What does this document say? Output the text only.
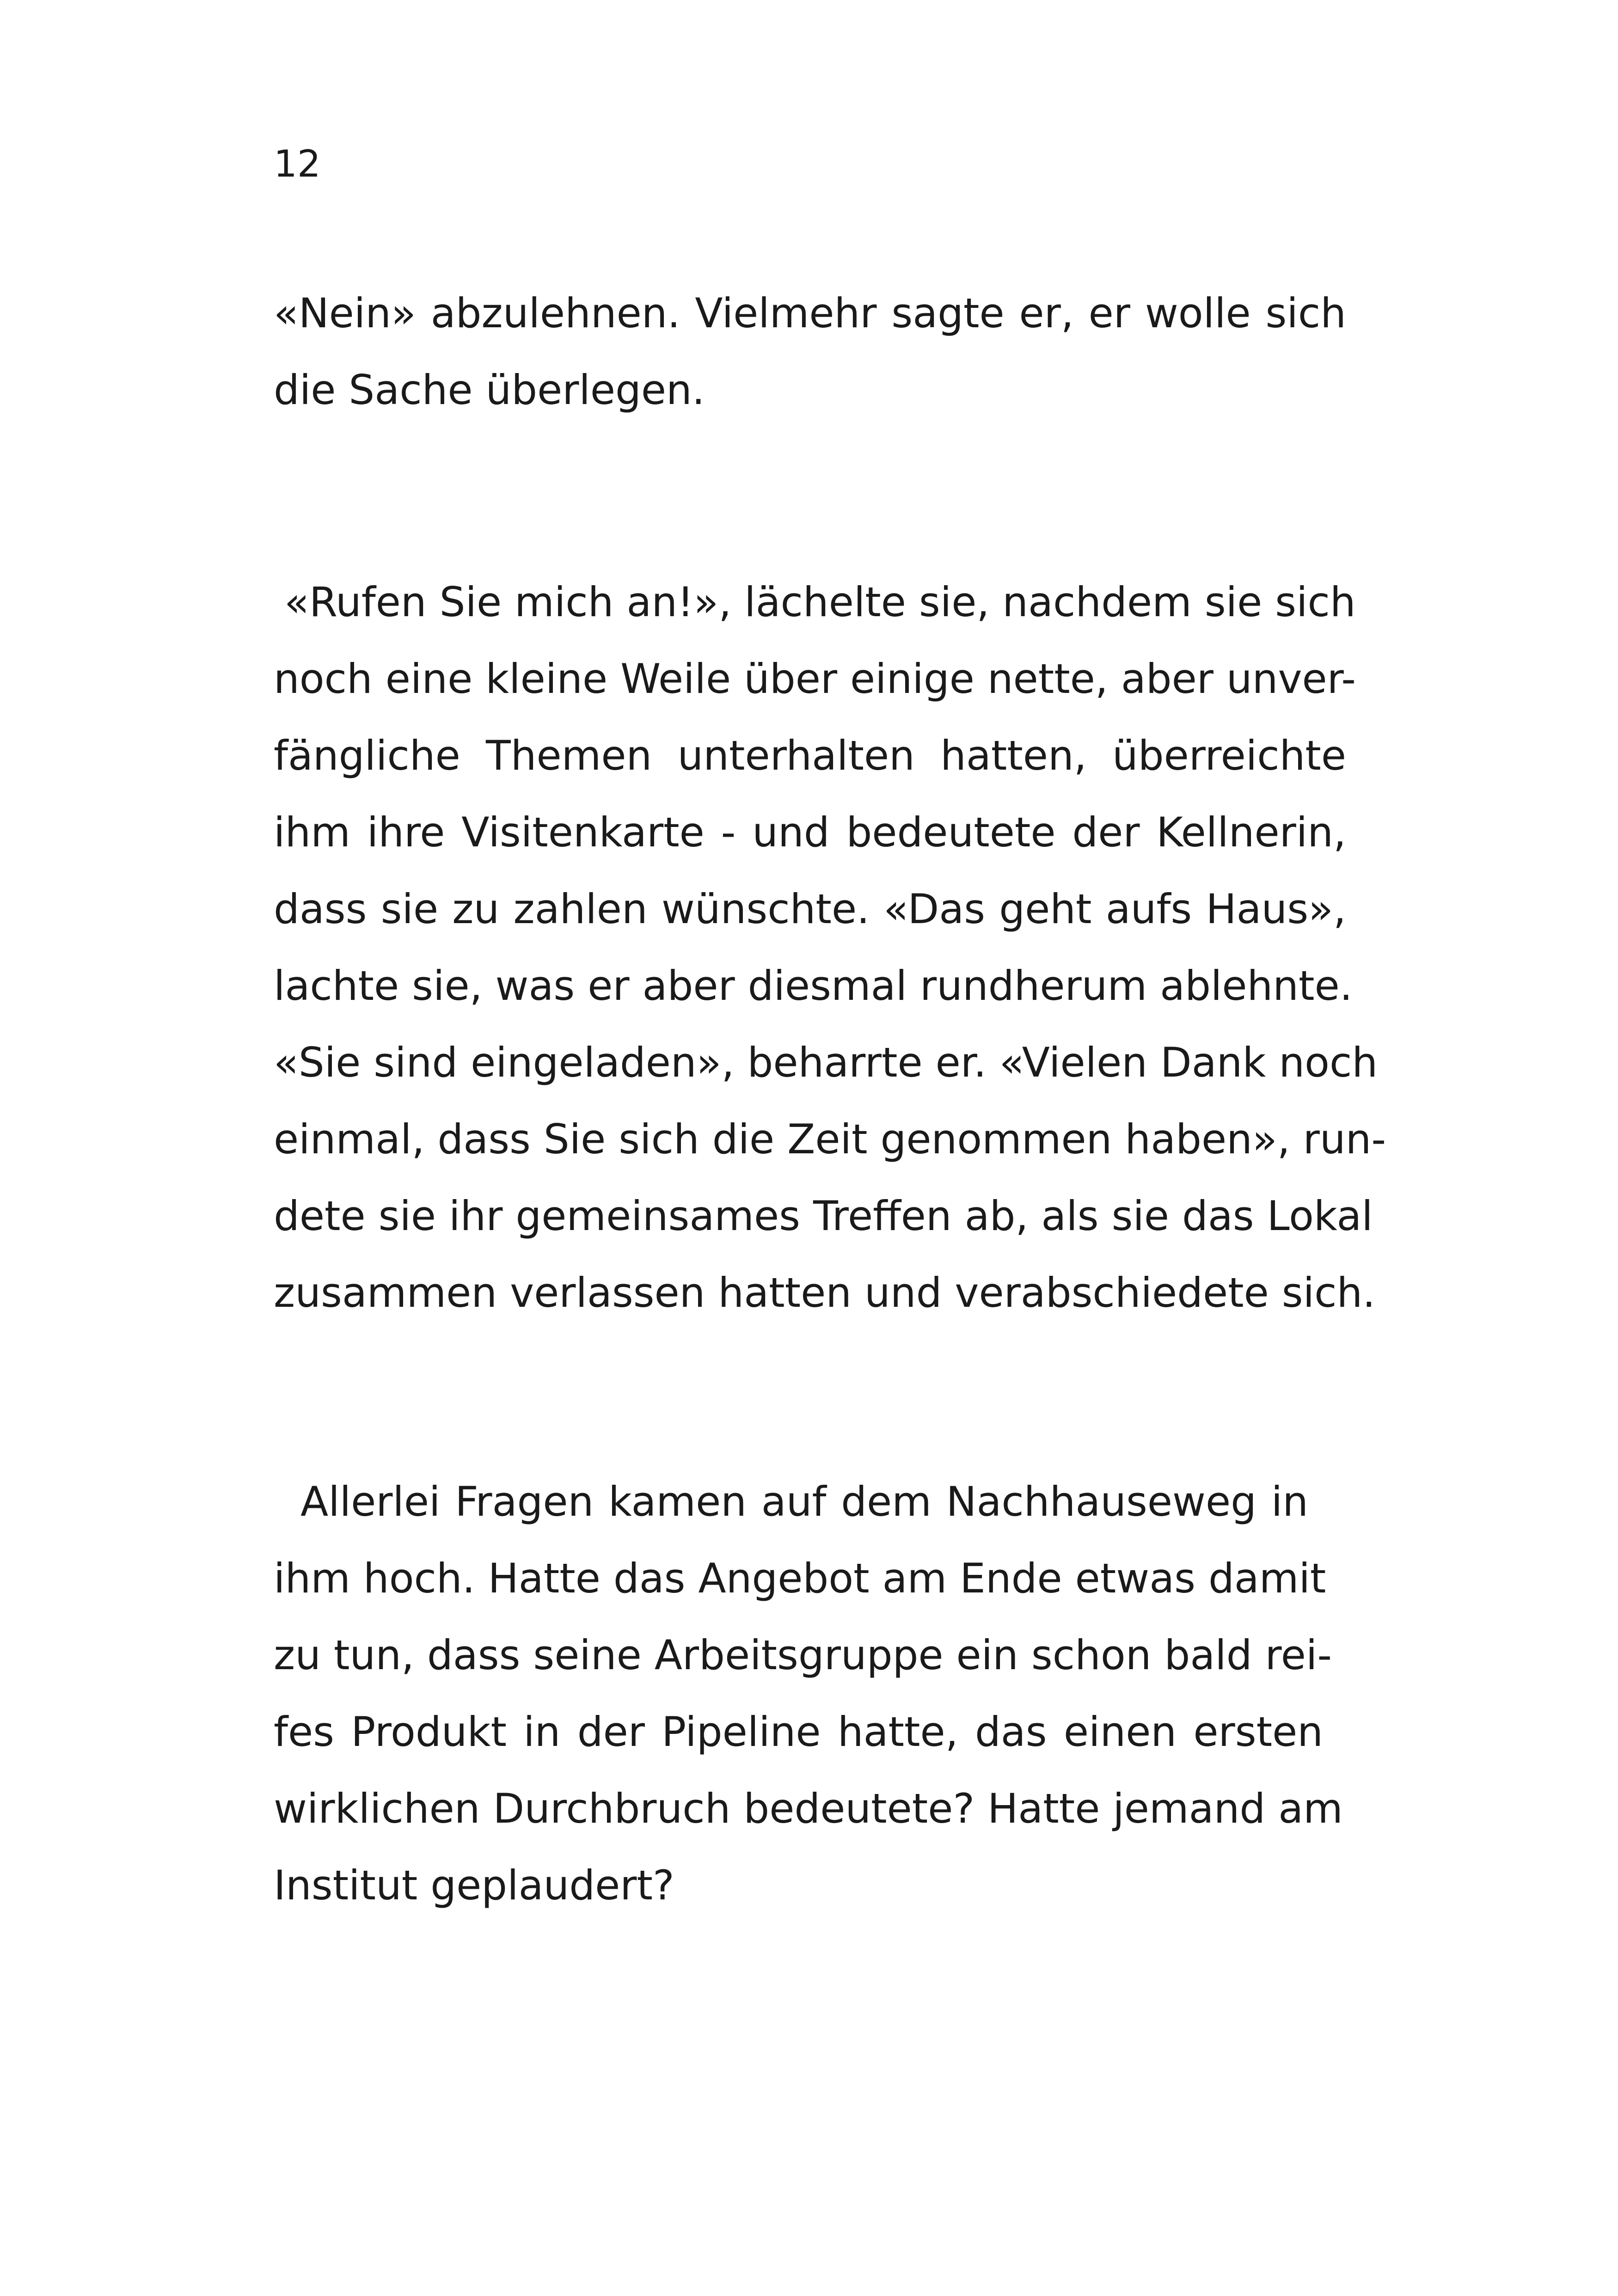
12

«Nein» abzulehnen. Vielmehr sagte er, er wolle sich

die Sache überlegen.

«Rufen Sie mich an!», lächelte sie, nachdem sie sich

noch eine kleine Weile über einige nette, aber unver-

fängliche Themen unterhalten hatten, überreichte

ihm ihre Visitenkarte - und bedeutete der Kellnerin,

dass sie zu zahlen wünschte. «Das geht aufs Haus»,

lachte sie, was er aber diesmal rundherum ablehnte.

«Sie sind eingeladen», beharrte er. «Vielen Dank noch

einmal, dass Sie sich die Zeit genommen haben», run-

dete sie ihr gemeinsames Treffen ab, als sie das Lokal

zusammen verlassen hatten und verabschiedete sich.

Allerlei Fragen kamen auf dem Nachhauseweg in

ihm hoch. Hatte das Angebot am Ende etwas damit

zu tun, dass seine Arbeitsgruppe ein schon bald rei-

fes Produkt in der Pipeline hatte, das einen ersten

wirklichen Durchbruch bedeutete? Hatte jemand am

Institut geplaudert?
